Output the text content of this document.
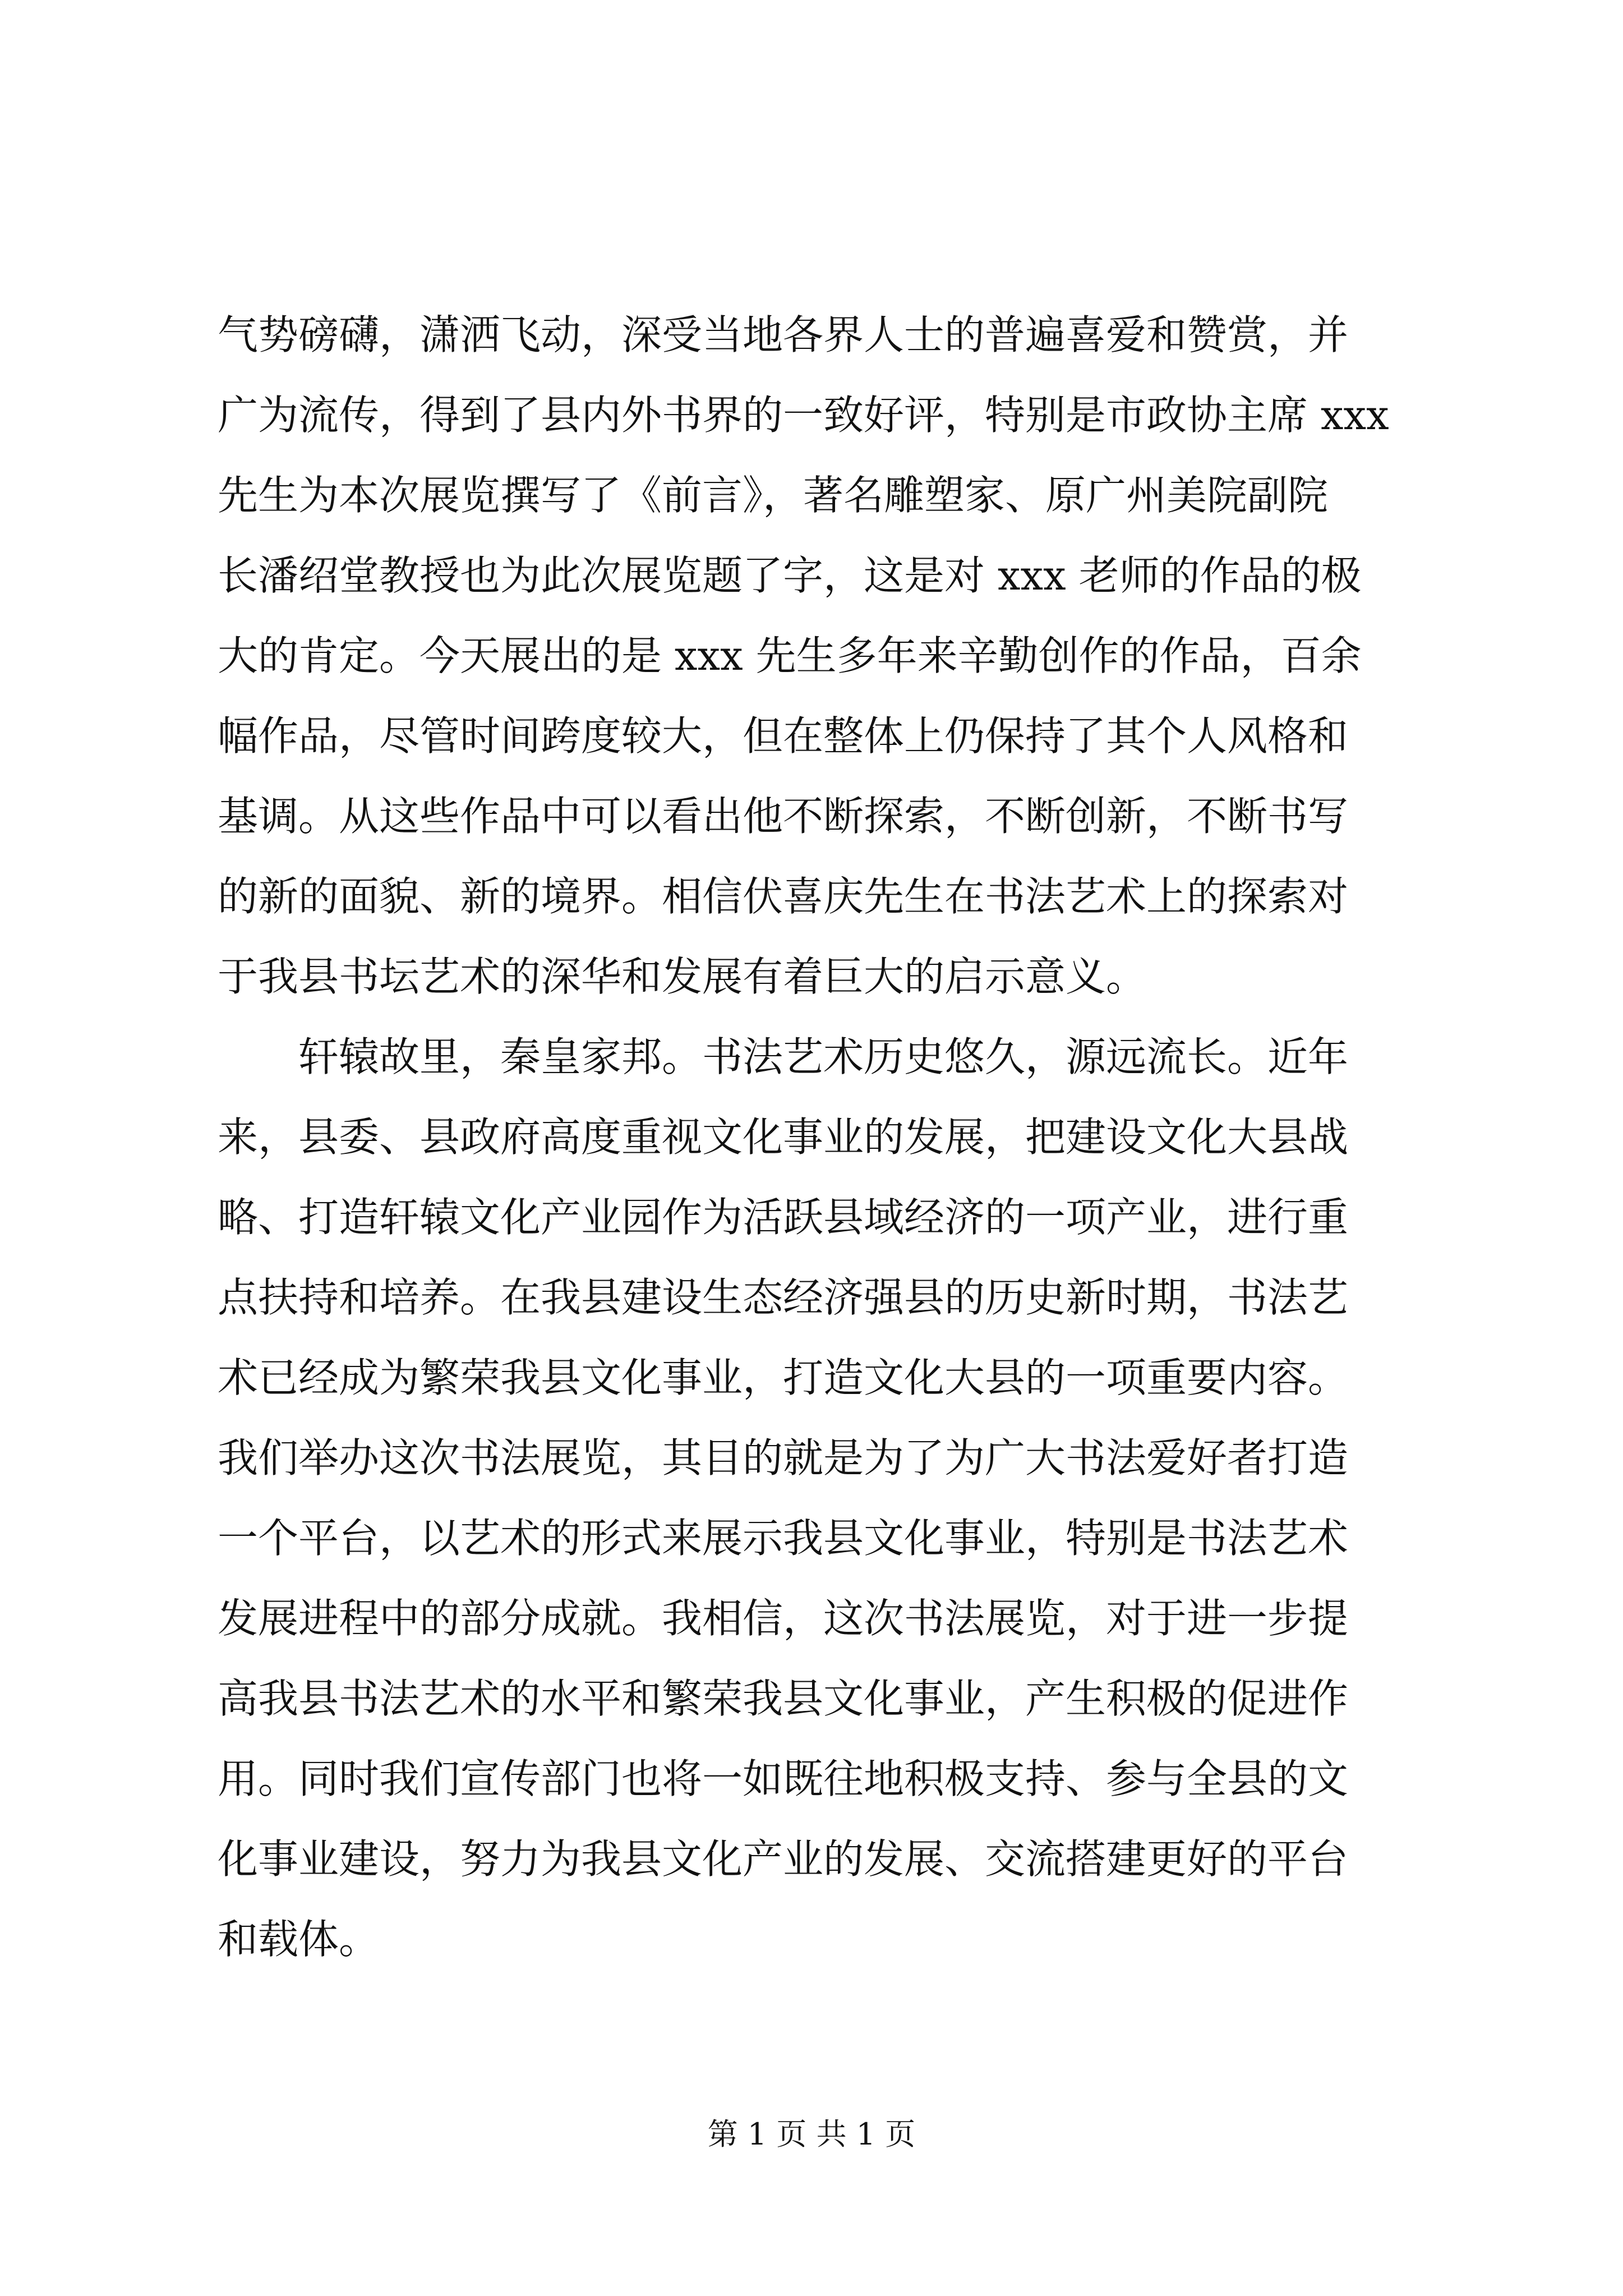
气势磅礴，潇洒飞动，深受当地各界人士的普遍喜爱和赞赏，并
广为流传，得到了县内外书界的一致好评，特别是市政协主席 xxx
先生为本次展览撰写了《前言》，著名雕塑家、原广州美院副院
长潘绍堂教授也为此次展览题了字，这是对 xxx 老师的作品的极
大的肯定。今天展出的是 xxx 先生多年来辛勤创作的作品，百余
幅作品，尽管时间跨度较大，但在整体上仍保持了其个人风格和
基调。从这些作品中可以看出他不断探索，不断创新，不断书写
的新的面貌、新的境界。相信伏喜庆先生在书法艺术上的探索对
于我县书坛艺术的深华和发展有着巨大的启示意义。
轩辕故里，秦皇家邦。书法艺术历史悠久，源远流长。近年
来，县委、县政府高度重视文化事业的发展，把建设文化大县战
略、打造轩辕文化产业园作为活跃县域经济的一项产业，进行重
点扶持和培养。在我县建设生态经济强县的历史新时期，书法艺
术已经成为繁荣我县文化事业，打造文化大县的一项重要内容。
我们举办这次书法展览，其目的就是为了为广大书法爱好者打造
一个平台，以艺术的形式来展示我县文化事业，特别是书法艺术
发展进程中的部分成就。我相信，这次书法展览，对于进一步提
高我县书法艺术的水平和繁荣我县文化事业，产生积极的促进作
用。同时我们宣传部门也将一如既往地积极支持、参与全县的文
化事业建设，努力为我县文化产业的发展、交流搭建更好的平台
和载体。
第 1 页 共 1 页
